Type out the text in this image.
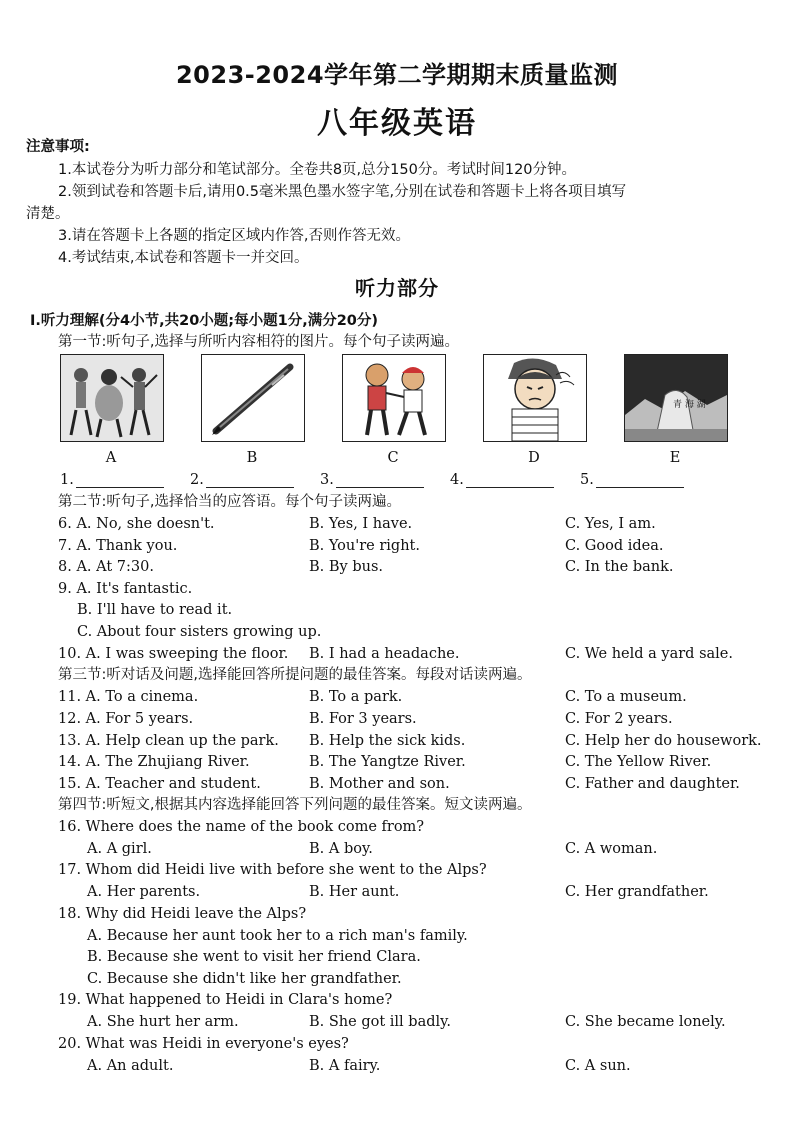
2023-2024学年第二学期期末质量监测
八年级英语
注意事项:
1.本试卷分为听力部分和笔试部分。全卷共8页,总分150分。考试时间120分钟。
2.领到试卷和答题卡后,请用0.5毫米黑色墨水签字笔,分别在试卷和答题卡上将各项目填写
清楚。
3.请在答题卡上各题的指定区域内作答,否则作答无效。
4.考试结束,本试卷和答题卡一并交回。
听力部分
Ⅰ.听力理解(分4小节,共20小题;每小题1分,满分20分)
第一节:听句子,选择与所听内容相符的图片。每个句子读两遍。
青 海 湖
A	B	C	D	E
1.	2.	3.	4.	5.
第二节:听句子,选择恰当的应答语。每个句子读两遍。
6. A. No, she doesn't.	B. Yes, I have.	C. Yes, I am.
7. A. Thank you.	B. You're right.	C. Good idea.
8. A. At 7:30.	B. By bus.	C. In the bank.
9. A. It's fantastic.
B. I'll have to read it.
C. About four sisters growing up.
10. A. I was sweeping the floor. B. I had a headache.	C. We held a yard sale.
第三节:听对话及问题,选择能回答所提问题的最佳答案。每段对话读两遍。
11. A. To a cinema.	B. To a park.	C. To a museum.
12. A. For 5 years.	B. For 3 years.	C. For 2 years.
13. A. Help clean up the park. B. Help the sick kids.	C. Help her do housework.
14. A. The Zhujiang River.	B. The Yangtze River.	C. The Yellow River.
15. A. Teacher and student.	B. Mother and son.	C. Father and daughter.
第四节:听短文,根据其内容选择能回答下列问题的最佳答案。短文读两遍。
16. Where does the name of the book come from?
A. A girl.	B. A boy.	C. A woman.
17. Whom did Heidi live with before she went to the Alps?
A. Her parents.	B. Her aunt.	C. Her grandfather.
18. Why did Heidi leave the Alps?
A. Because her aunt took her to a rich man's family.
B. Because she went to visit her friend Clara.
C. Because she didn't like her grandfather.
19. What happened to Heidi in Clara's home?
A. She hurt her arm.	B. She got ill badly.	C. She became lonely.
20. What was Heidi in everyone's eyes?
A. An adult.	B. A fairy.	C. A sun.
